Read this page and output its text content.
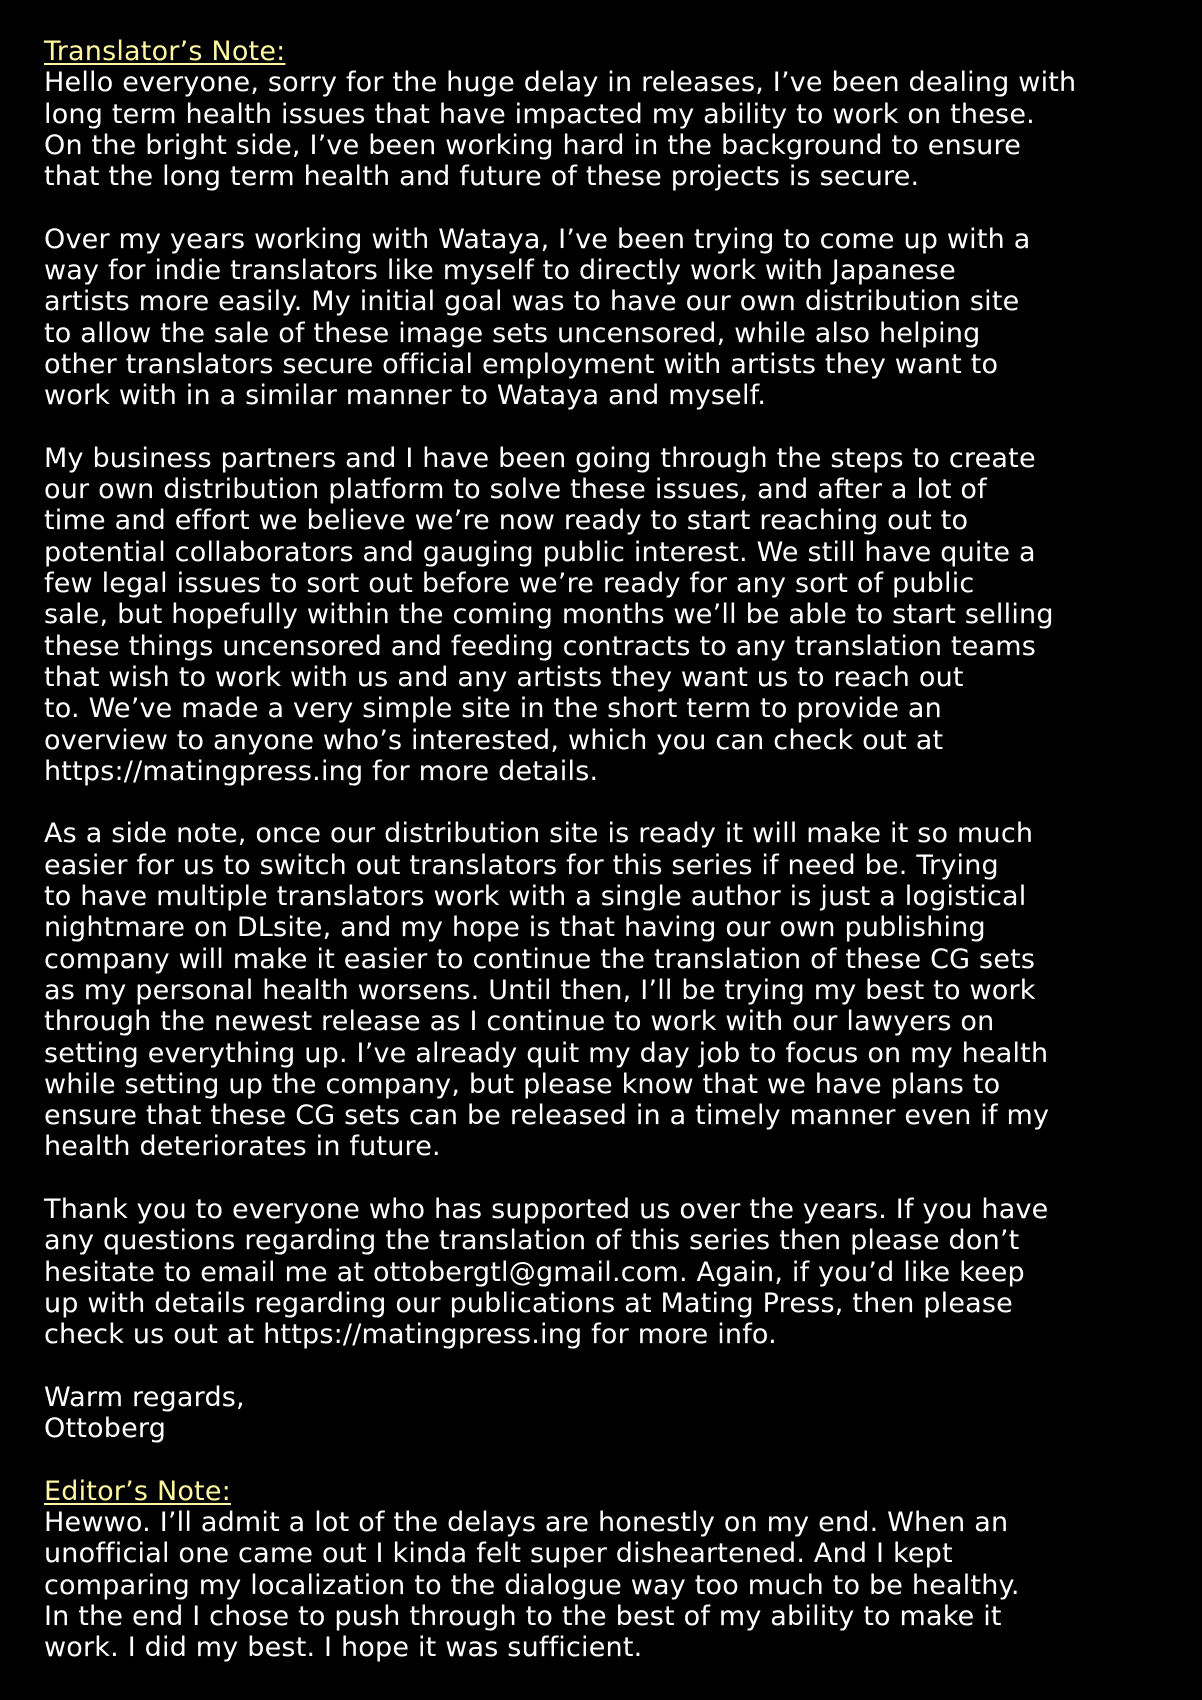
Translator’s Note:
Hello everyone, sorry for the huge delay in releases, I’ve been dealing with
long term health issues that have impacted my ability to work on these.
On the bright side, I’ve been working hard in the background to ensure
that the long term health and future of these projects is secure.
Over my years working with Wataya, I’ve been trying to come up with a
way for indie translators like myself to directly work with Japanese
artists more easily. My initial goal was to have our own distribution site
to allow the sale of these image sets uncensored, while also helping
other translators secure official employment with artists they want to
work with in a similar manner to Wataya and myself.
My business partners and I have been going through the steps to create
our own distribution platform to solve these issues, and after a lot of
time and effort we believe we’re now ready to start reaching out to
potential collaborators and gauging public interest. We still have quite a
few legal issues to sort out before we’re ready for any sort of public
sale, but hopefully within the coming months we’ll be able to start selling
these things uncensored and feeding contracts to any translation teams
that wish to work with us and any artists they want us to reach out
to. We’ve made a very simple site in the short term to provide an
overview to anyone who’s interested, which you can check out at
https://matingpress.ing for more details.
As a side note, once our distribution site is ready it will make it so much
easier for us to switch out translators for this series if need be. Trying
to have multiple translators work with a single author is just a logistical
nightmare on DLsite, and my hope is that having our own publishing
company will make it easier to continue the translation of these CG sets
as my personal health worsens. Until then, I’ll be trying my best to work
through the newest release as I continue to work with our lawyers on
setting everything up. I’ve already quit my day job to focus on my health
while setting up the company, but please know that we have plans to
ensure that these CG sets can be released in a timely manner even if my
health deteriorates in future.
Thank you to everyone who has supported us over the years. If you have
any questions regarding the translation of this series then please don’t
hesitate to email me at ottobergtl@gmail.com. Again, if you’d like keep
up with details regarding our publications at Mating Press, then please
check us out at https://matingpress.ing for more info.
Warm regards,
Ottoberg
Editor’s Note:
Hewwo. I’ll admit a lot of the delays are honestly on my end. When an
unofficial one came out I kinda felt super disheartened. And I kept
comparing my localization to the dialogue way too much to be healthy.
In the end I chose to push through to the best of my ability to make it
work. I did my best. I hope it was sufficient.
